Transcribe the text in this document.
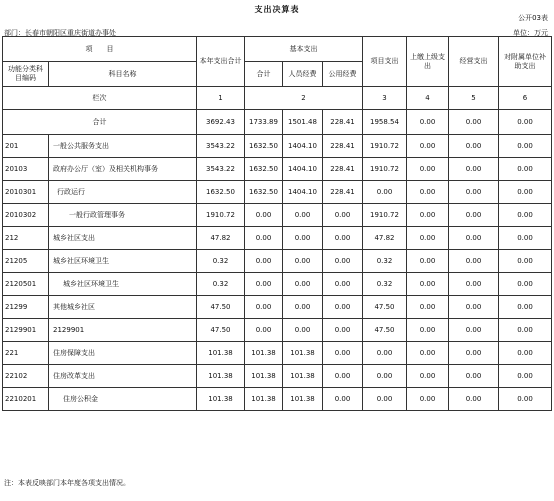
支出决算表
公开03表
部门：长春市朝阳区重庆街道办事处	单位：万元
项　　目		本年支出合计	基本支出			项目支出	上缴上级支出	经营支出	对附属单位补助支出
功能分类科目编码	科目名称								
			合计	人员经费	公用经费				
栏次		1	2			3	4	5	6
合计		3692.43	1733.89	1501.48	228.41	1958.54	0.00	0.00	0.00
201	一般公共服务支出	3543.22	1632.50	1404.10	228.41	1910.72	0.00	0.00	0.00
20103	政府办公厅（室）及相关机构事务	3543.22	1632.50	1404.10	228.41	1910.72	0.00	0.00	0.00
2010301	行政运行	1632.50	1632.50	1404.10	228.41	0.00	0.00	0.00	0.00
2010302	一般行政管理事务	1910.72	0.00	0.00	0.00	1910.72	0.00	0.00	0.00
212	城乡社区支出	47.82	0.00	0.00	0.00	47.82	0.00	0.00	0.00
21205	城乡社区环境卫生	0.32	0.00	0.00	0.00	0.32	0.00	0.00	0.00
2120501	城乡社区环境卫生	0.32	0.00	0.00	0.00	0.32	0.00	0.00	0.00
21299	其他城乡社区	47.50	0.00	0.00	0.00	47.50	0.00	0.00	0.00
2129901	2129901	47.50	0.00	0.00	0.00	47.50	0.00	0.00	0.00
221	住房保障支出	101.38	101.38	101.38	0.00	0.00	0.00	0.00	0.00
22102	住房改革支出	101.38	101.38	101.38	0.00	0.00	0.00	0.00	0.00
2210201	住房公积金	101.38	101.38	101.38	0.00	0.00	0.00	0.00	0.00
注：本表反映部门本年度各项支出情况。
